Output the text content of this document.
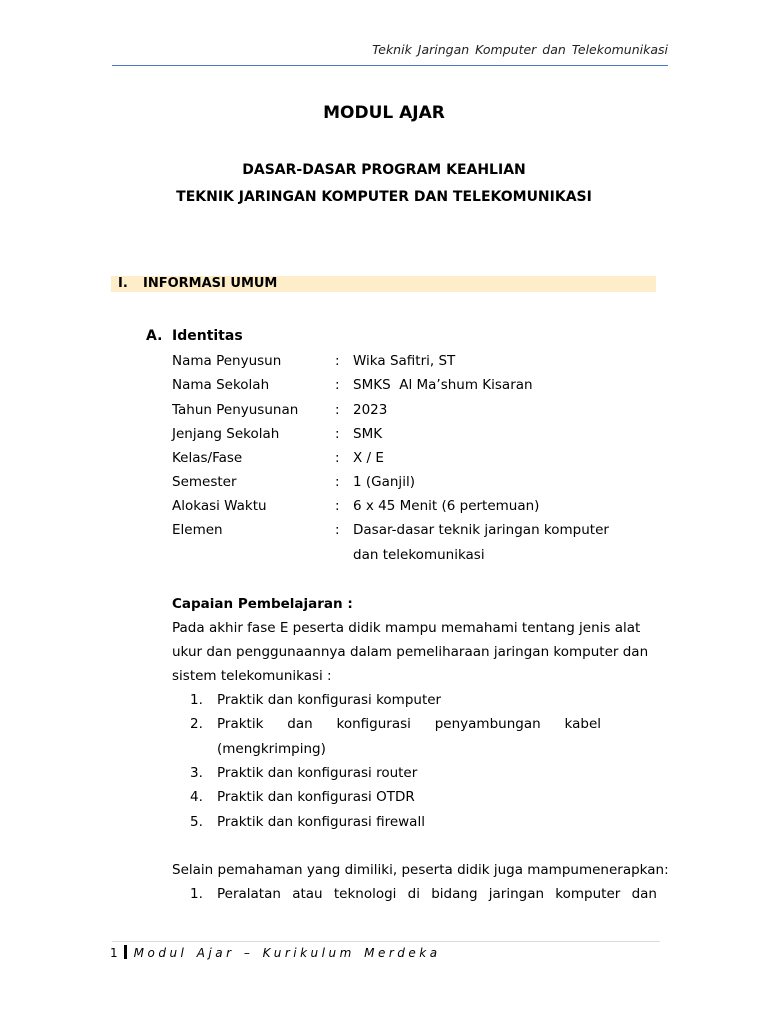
Teknik Jaringan Komputer dan Telekomunikasi
MODUL AJAR
DASAR-DASAR PROGRAM KEAHLIAN
TEKNIK JARINGAN KOMPUTER DAN TELEKOMUNIKASI
I. INFORMASI UMUM
A. Identitas
Nama Penyusun	: Wika Safitri, ST
Nama Sekolah	: SMKS  Al Ma’shum Kisaran
Tahun Penyusunan	: 2023
Jenjang Sekolah	: SMK
Kelas/Fase	: X / E
Semester	: 1 (Ganjil)
Alokasi Waktu	: 6 x 45 Menit (6 pertemuan)
Elemen	: Dasar-dasar teknik jaringan komputer
dan telekomunikasi
Capaian Pembelajaran :
Pada akhir fase E peserta didik mampu memahami tentang jenis alat
ukur dan penggunaannya dalam pemeliharaan jaringan komputer dan
sistem telekomunikasi :
1. Praktik dan konfigurasi komputer
2. Praktik dan konfigurasi penyambungan kabel
(mengkrimping)
3. Praktik dan konfigurasi router
4. Praktik dan konfigurasi OTDR
5. Praktik dan konfigurasi firewall
Selain pemahaman yang dimiliki, peserta didik juga mampumenerapkan:
1. Peralatan atau teknologi di bidang jaringan komputer dan
1 Modul Ajar – Kurikulum Merdeka
